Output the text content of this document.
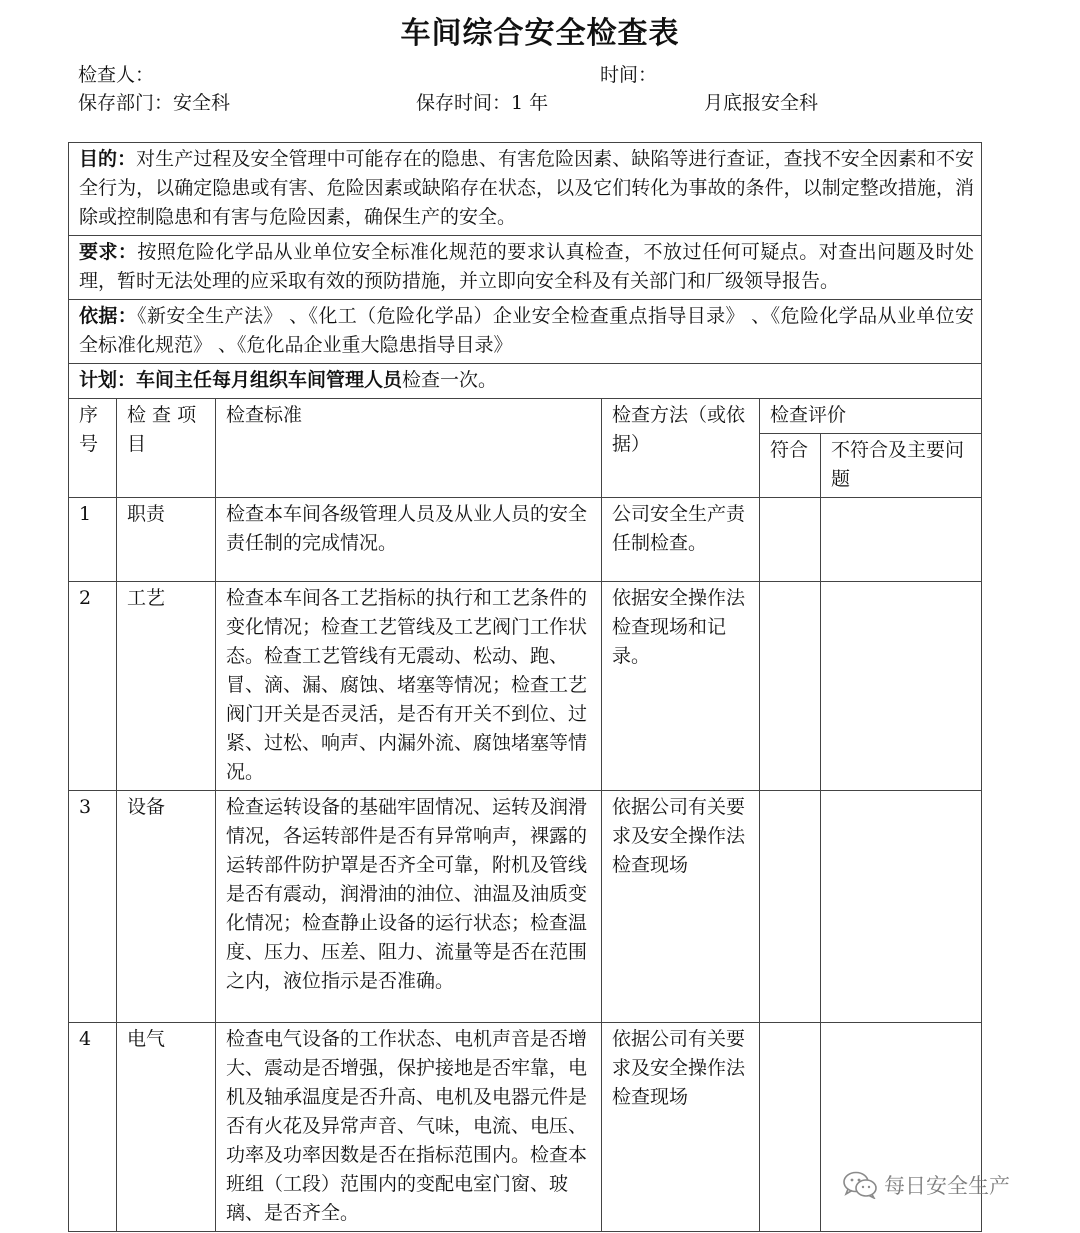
车间综合安全检查表
检查人：	时间：
保存部门：安全科	保存时间：1 年	月底报安全科
目的：对生产过程及安全管理中可能存在的隐患、有害危险因素、缺陷等进行查证，查找不安全因素和不安全行为，以确定隐患或有害、危险因素或缺陷存在状态，以及它们转化为事故的条件，以制定整改措施，消除或控制隐患和有害与危险因素，确保生产的安全。					
要求：按照危险化学品从业单位安全标准化规范的要求认真检查，不放过任何可疑点。对查出问题及时处理，暂时无法处理的应采取有效的预防措施，并立即向安全科及有关部门和厂级领导报告。					
依据：《新安全生产法》 、《化工（危险化学品）企业安全检查重点指导目录》 、《危险化学品从业单位安全标准化规范》 、《危化品企业重大隐患指导目录》					
计划：车间主任每月组织车间管理人员检查一次。					
序号	检 查 项目	检查标准	检查方法（或依据）	检查评价	
				符合	不符合及主要问题
1	职责	检查本车间各级管理人员及从业人员的安全责任制的完成情况。	公司安全生产责任制检查。		
2	工艺	检查本车间各工艺指标的执行和工艺条件的变化情况；检查工艺管线及工艺阀门工作状态。检查工艺管线有无震动、松动、跑、冒、滴、漏、腐蚀、堵塞等情况；检查工艺阀门开关是否灵活，是否有开关不到位、过紧、过松、响声、内漏外流、腐蚀堵塞等情况。	依据安全操作法检查现场和记录。		
3	设备	检查运转设备的基础牢固情况、运转及润滑情况，各运转部件是否有异常响声，裸露的运转部件防护罩是否齐全可靠，附机及管线是否有震动，润滑油的油位、油温及油质变化情况；检查静止设备的运行状态；检查温度、压力、压差、阻力、流量等是否在范围之内，液位指示是否准确。	依据公司有关要求及安全操作法检查现场		
4	电气	检查电气设备的工作状态、电机声音是否增大、震动是否增强，保护接地是否牢靠，电机及轴承温度是否升高、电机及电器元件是否有火花及异常声音、气味，电流、电压、功率及功率因数是否在指标范围内。检查本班组（工段）范围内的变配电室门窗、玻璃、是否齐全。	依据公司有关要求及安全操作法检查现场		
每日安全生产
